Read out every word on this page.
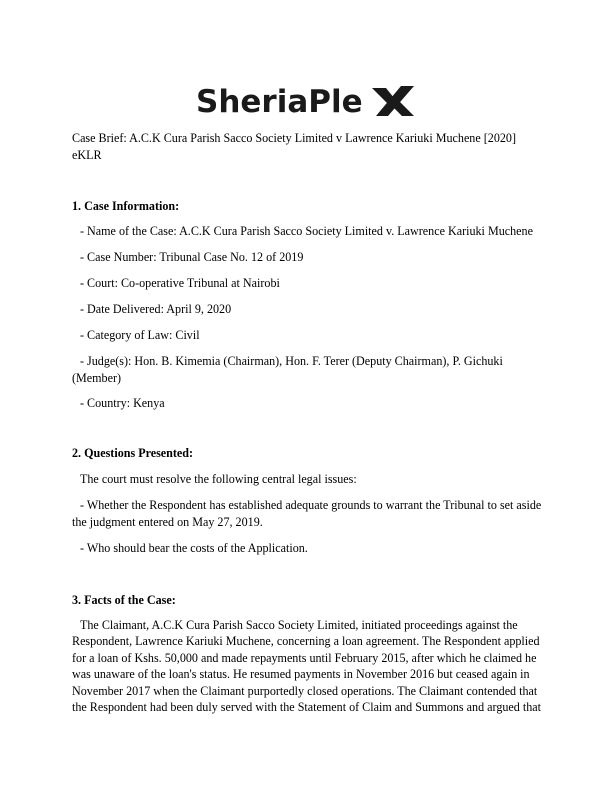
SheriaPle
Case Brief: A.C.K Cura Parish Sacco Society Limited v Lawrence Kariuki Muchene [2020] eKLR
1. Case Information:
- Name of the Case: A.C.K Cura Parish Sacco Society Limited v. Lawrence Kariuki Muchene
- Case Number: Tribunal Case No. 12 of 2019
- Court: Co-operative Tribunal at Nairobi
- Date Delivered: April 9, 2020
- Category of Law: Civil
- Judge(s): Hon. B. Kimemia (Chairman), Hon. F. Terer (Deputy Chairman), P. Gichuki (Member)
- Country: Kenya
2. Questions Presented:
The court must resolve the following central legal issues:
- Whether the Respondent has established adequate grounds to warrant the Tribunal to set aside the judgment entered on May 27, 2019.
- Who should bear the costs of the Application.
3. Facts of the Case:
The Claimant, A.C.K Cura Parish Sacco Society Limited, initiated proceedings against the Respondent, Lawrence Kariuki Muchene, concerning a loan agreement. The Respondent applied for a loan of Kshs. 50,000 and made repayments until February 2015, after which he claimed he was unaware of the loan's status. He resumed payments in November 2016 but ceased again in November 2017 when the Claimant purportedly closed operations. The Claimant contended that the Respondent had been duly served with the Statement of Claim and Summons and argued that
